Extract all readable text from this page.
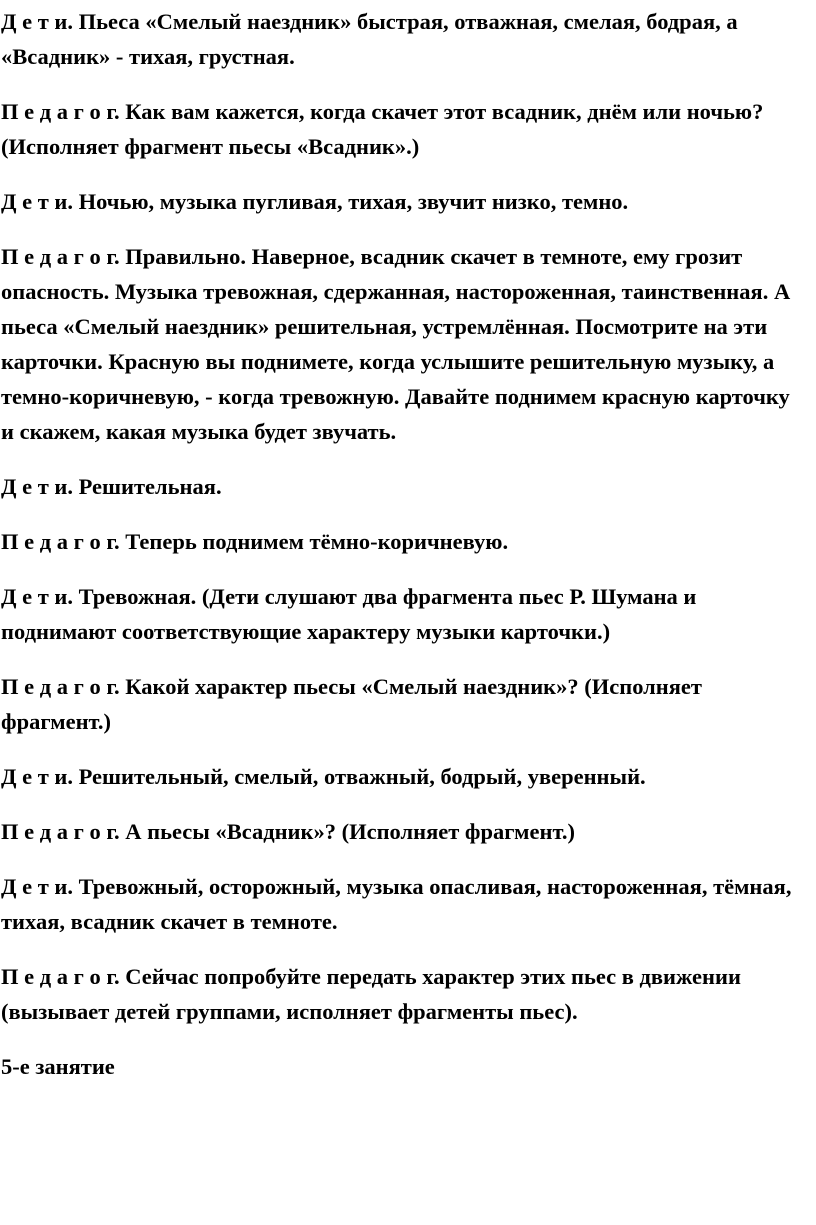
Д е т и. Пьеса «Смелый наездник» быстрая, отважная, смелая, бодрая, а «Всадник» - тихая, грустная.

П е д а г о г. Как вам кажется, когда скачет этот всадник, днём или ночью? (Исполняет фрагмент пьесы «Всадник».)

Д е т и. Ночью, музыка пугливая, тихая, звучит низко, темно.

П е д а г о г. Правильно. Наверное, всадник скачет в темноте, ему грозит опасность. Музыка тревожная, сдержанная, настороженная, таинственная. А пьеса «Смелый наездник» решительная, устремлённая. Посмотрите на эти карточки. Красную вы поднимете, когда услышите решительную музыку, а темно-коричневую, - когда тревожную. Давайте поднимем красную карточку и скажем, какая музыка будет звучать.

Д е т и. Решительная.

П е д а г о г. Теперь поднимем тёмно-коричневую.

Д е т и. Тревожная. (Дети слушают два фрагмента пьес Р. Шумана и поднимают соответствующие характеру музыки карточки.)

П е д а г о г. Какой характер пьесы «Смелый наездник»? (Исполняет фрагмент.)

Д е т и. Решительный, смелый, отважный, бодрый, уверенный.

П е д а г о г. А пьесы «Всадник»? (Исполняет фрагмент.)

Д е т и. Тревожный, осторожный, музыка опасливая, настороженная, тёмная, тихая, всадник скачет в темноте.

П е д а г о г. Сейчас попробуйте передать характер этих пьес в движении (вызывает детей группами, исполняет фрагменты пьес).

5-е занятие
